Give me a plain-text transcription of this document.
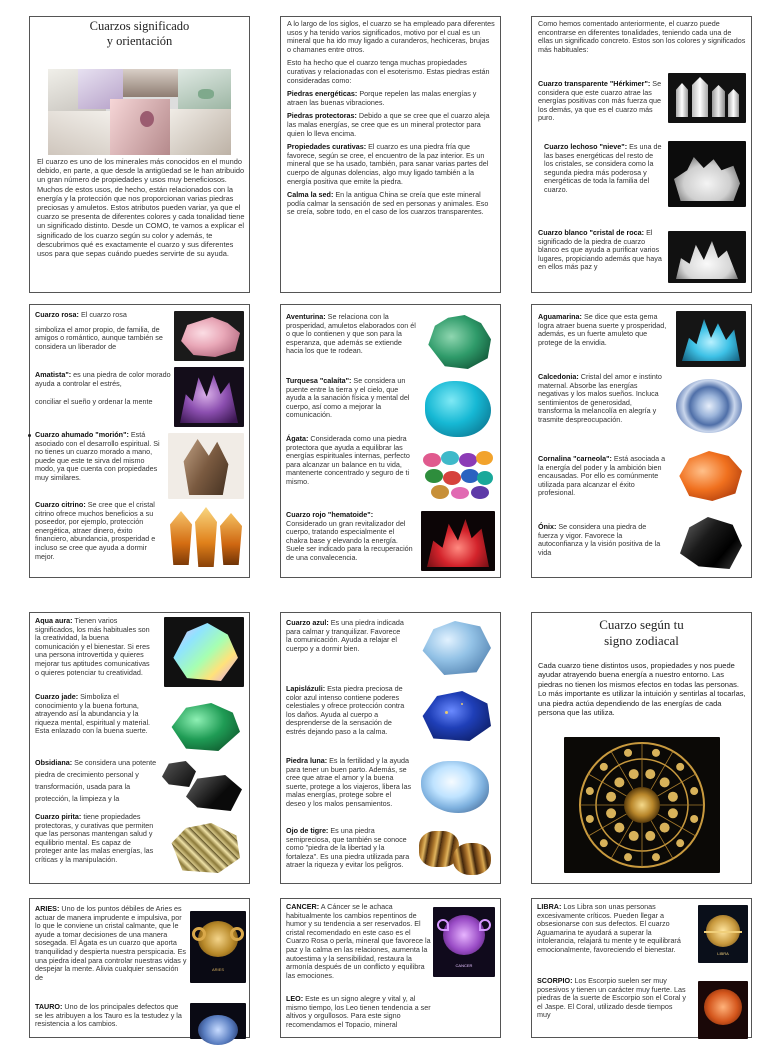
Cuarzos significado
y orientación
El cuarzo es uno de los minerales más conocidos en el mundo debido, en parte, a que desde la antigüedad se le han atribuido un gran número de propiedades y usos muy beneficiosos. Muchos de estos usos, de hecho, están relacionados con la energía y la protección que nos proporcionan varias piedras preciosas y amuletos. Estos atributos pueden variar, ya que el cuarzo se presenta de diferentes colores y cada tonalidad tiene un significado distinto. Desde un COMO, te vamos a explicar el significado de los cuarzo según su color y además, te descubrimos qué es exactamente el cuarzo y sus diferentes usos para que sepas cuándo puedes servirte de su ayuda.

A lo largo de los siglos, el cuarzo se ha empleado para diferentes usos y ha tenido varios significados, motivo por el cual es un mineral que ha ido muy ligado a curanderos, hechiceras, brujas o chamanes entre otros.

Esto ha hecho que el cuarzo tenga muchas propiedades curativas y relacionadas con el esoterismo. Estas piedras están consideradas como:

Piedras energéticas: Porque repelen las malas energías y atraen las buenas vibraciones.

Piedras protectoras: Debido a que se cree que el cuarzo aleja las malas energías, se cree que es un mineral protector para quien lo lleva encima.

Propiedades curativas: El cuarzo es una piedra fría que favorece, según se cree, el encuentro de la paz interior. Es un mineral que se ha usado, también, para sanar varias partes del cuerpo de algunas dolencias, algo muy ligado también a la energía positiva que emite la piedra.

Calma la sed: En la antigua China se creía que este mineral podía calmar la sensación de sed en personas y animales. Eso se creía, sobre todo, en el caso de los cuarzos transparentes.

Como hemos comentado anteriormente, el cuarzo puede encontrarse en diferentes tonalidades, teniendo cada una de ellas un significado concreto. Estos son los colores y significados más habituales:
Cuarzo transparente "Hérkimer": Se considera que este cuarzo atrae las energías positivas con más fuerza que los demás, ya que es el cuarzo más puro.
Cuarzo lechoso "nieve": Es una de las bases energéticas del resto de los cristales, se considera como la segunda piedra más poderosa y energéticas de toda la familia del cuarzo.
Cuarzo blanco "cristal de roca: El significado de la piedra de cuarzo blanco es que ayuda a purificar varios lugares, propiciando además que haya en ellos más paz y

Cuarzo rosa: El cuarzo rosa

simboliza el amor propio, de familia, de amigos o romántico, aunque también se considera un liberador de

Amatista": es una piedra de color morado ayuda a controlar el estrés,

conciliar el sueño y ordenar la mente

Cuarzo ahumado "morión": Está asociado con el desarrollo espiritual. Si no tienes un cuarzo morado a mano, puede que este te sirva del mismo modo, ya que cuenta con propiedades muy similares.
Cuarzo citrino: Se cree que el cristal citrino ofrece muchos beneficios a su poseedor, por ejemplo, protección energética, atraer dinero, éxito financiero, abundancia, prosperidad e incluso se cree que ayuda a dormir mejor.
Aventurina: Se relaciona con la prosperidad, amuletos elaborados con él o que lo contienen y que son para la esperanza, que además se extiende hacia los que te rodean.
Turquesa "calaíta": Se considera un puente entre la tierra y el cielo, que ayuda a la sanación física y mental del cuerpo, así como a mejorar la comunicación.
Ágata: Considerada como una piedra protectora que ayuda a equilibrar las energías espirituales internas, perfecto para alcanzar un balance en tu vida, mantenerte concentrado y seguro de ti mismo.
Cuarzo rojo "hematoide": Considerado un gran revitalizador del cuerpo, tratando especialmente el chakra base y elevando la energía. Suele ser indicado para la recuperación de una convalecencia.
Aguamarina: Se dice que esta gema logra atraer buena suerte y prosperidad, además, es un fuerte amuleto que protege de la envidia.
Calcedonia: Cristal del amor e instinto maternal. Absorbe las energías negativas y los malos sueños. Incluca sentimientos de generosidad, transforma la melancolía en alegría y trasmite despreocupación.
Cornalina "carneola": Está asociada a la energía del poder y la ambición bien encausadas. Por ello es comúnmente utilizada para alcanzar el éxito profesional.

Ónix: Se considera una piedra de fuerza y vigor. Favorece la autoconfianza y la visión positiva de la vida

Aqua aura: Tienen varios significados, los más habituales son la creatividad, la buena comunicación y el bienestar. Si eres una persona introvertida y quieres mejorar tus aptitudes comunicativas o quieres potenciar tu creatividad.
Cuarzo jade: Simboliza el conocimiento y la buena fortuna, atrayendo así la abundancia y la riqueza mental, espiritual y material. Esta enlazado con la buena suerte.
Obsidiana: Se considera una potente piedra de crecimiento personal y transformación, usada para la protección, la limpieza y la
Cuarzo pirita: tiene propiedades protectoras, y curativas que permiten que las personas mantengan salud y equilibrio mental. Es capaz de proteger ante las malas energías, las críticas y la manipulación.
Cuarzo azul: Es una piedra indicada para calmar y tranquilizar. Favorece la comunicación. Ayuda a relajar el cuerpo y a dormir bien.
Lapislázuli: Esta piedra preciosa de color azul intenso contiene poderes celestiales y ofrece protección contra los daños. Ayuda al cuerpo a desprenderse de la sensación de estrés dejando paso a la calma.
Piedra luna: Es la fertilidad y la ayuda para tener un buen parto. Además, se cree que atrae el amor y la buena suerte, protege a los viajeros, libera las malas energías, protege sobre el deseo y los malos pensamientos.
Ojo de tigre: Es una piedra semipreciosa, que también se conoce como "piedra de la libertad y la fortaleza". Es una piedra utilizada para atraer la riqueza y evitar los peligros.
Cuarzo según tu
signo zodiacal
Cada cuarzo tiene distintos usos, propiedades y nos puede ayudar atrayendo buena energía a nuestro entorno. Las piedras no tienen los mismos efectos en todas las personas. Lo más importante es utilizar la intuición y sentirlas al tocarlas, una piedra actúa dependiendo de las energías de cada persona que las utiliza.
ARIES: Uno de los puntos débiles de Aries es actuar de manera imprudente e impulsiva, por lo que le conviene un cristal calmante, que le ayude a tomar decisiones de una manera sosegada. El Ágata es un cuarzo que aporta tranquilidad y despierta nuestra perspicacia. Es una piedra ideal para controlar nuestras vidas y despejar la mente. Alivia cualquier sensación de
ARIES
TAURO: Uno de los principales defectos que se les atribuyen a los Tauro es la testudez y la resistencia a los cambios.
CANCER: A Cáncer se le achaca habitualmente los cambios repentinos de humor y su tendencia a ser reservados. El cristal recomendado en este caso es el Cuarzo Rosa o perla, mineral que favorece la paz y la calma en las relaciones, aumenta la autoestima y la sensibilidad, restaura la armonía después de un conflicto y equilibra las emociones.
CANCER
LEO: Este es un signo alegre y vital y, al mismo tiempo, los Leo tienen tendencia a ser altivos y orgullosos. Para este signo recomendamos el Topacio, mineral
LIBRA: Los Libra son unas personas excesivamente críticos. Pueden llegar a obsesionarse con sus defectos. El cuarzo Aguamarina te ayudará a superar la intolerancia, relajará tu mente y te equilibrará emocionalmente, favoreciendo el bienestar.	LIBRA
SCORPIO: Los Escorpio suelen ser muy posesivos y tienen un carácter muy fuerte. Las piedras de la suerte de Escorpio son el Coral y el Jaspe. El Coral, utilizado desde tiempos muy
